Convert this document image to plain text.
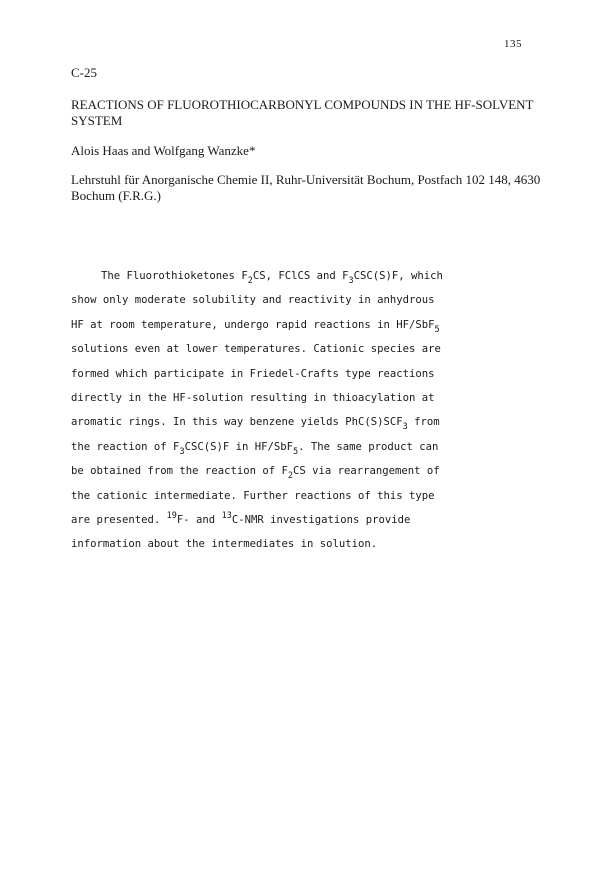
135
C-25
REACTIONS OF FLUOROTHIOCARBONYL COMPOUNDS IN THE HF-SOLVENT SYSTEM
Alois Haas and Wolfgang Wanzke*
Lehrstuhl für Anorganische Chemie II, Ruhr-Universität Bochum, Postfach 102 148, 4630 Bochum (F.R.G.)
The Fluorothioketones $F_2CS$, FClCS and $F_3CSC(S)F$, which
show only moderate solubility and reactivity in anhydrous
HF at room temperature, undergo rapid reactions in HF/SbF$_5$
solutions even at lower temperatures. Cationic species are
formed which participate in Friedel-Crafts type reactions
directly in the HF-solution resulting in thioacylation at
aromatic rings. In this way benzene yields $PhC(S)SCF_3$ from
the reaction of $F_3CSC(S)F$ in HF/SbF$_5$. The same product can
be obtained from the reaction of $F_2CS$ via rearrangement of
the cationic intermediate. Further reactions of this type
are presented. $^{19}$F- and $^{13}$C-NMR investigations provide
information about the intermediates in solution.
